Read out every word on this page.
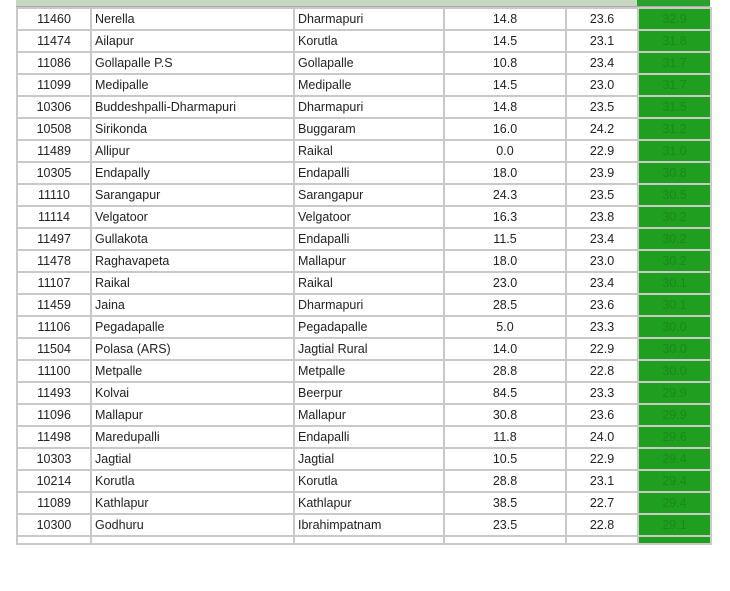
11460	Nerella	Dharmapuri	14.8	23.6	32.9
11474	Ailapur	Korutla	14.5	23.1	31.8
11086	Gollapalle P.S	Gollapalle	10.8	23.4	31.7
11099	Medipalle	Medipalle	14.5	23.0	31.7
10306	Buddeshpalli-Dharmapuri	Dharmapuri	14.8	23.5	31.5
10508	Sirikonda	Buggaram	16.0	24.2	31.2
11489	Allipur	Raikal	0.0	22.9	31.0
10305	Endapally	Endapalli	18.0	23.9	30.8
11110	Sarangapur	Sarangapur	24.3	23.5	30.5
11114	Velgatoor	Velgatoor	16.3	23.8	30.2
11497	Gullakota	Endapalli	11.5	23.4	30.2
11478	Raghavapeta	Mallapur	18.0	23.0	30.2
11107	Raikal	Raikal	23.0	23.4	30.1
11459	Jaina	Dharmapuri	28.5	23.6	30.1
11106	Pegadapalle	Pegadapalle	5.0	23.3	30.0
11504	Polasa (ARS)	Jagtial Rural	14.0	22.9	30.0
11100	Metpalle	Metpalle	28.8	22.8	30.0
11493	Kolvai	Beerpur	84.5	23.3	29.9
11096	Mallapur	Mallapur	30.8	23.6	29.9
11498	Maredupalli	Endapalli	11.8	24.0	29.6
10303	Jagtial	Jagtial	10.5	22.9	29.4
10214	Korutla	Korutla	28.8	23.1	29.4
11089	Kathlapur	Kathlapur	38.5	22.7	29.4
10300	Godhuru	Ibrahimpatnam	23.5	22.8	29.1
